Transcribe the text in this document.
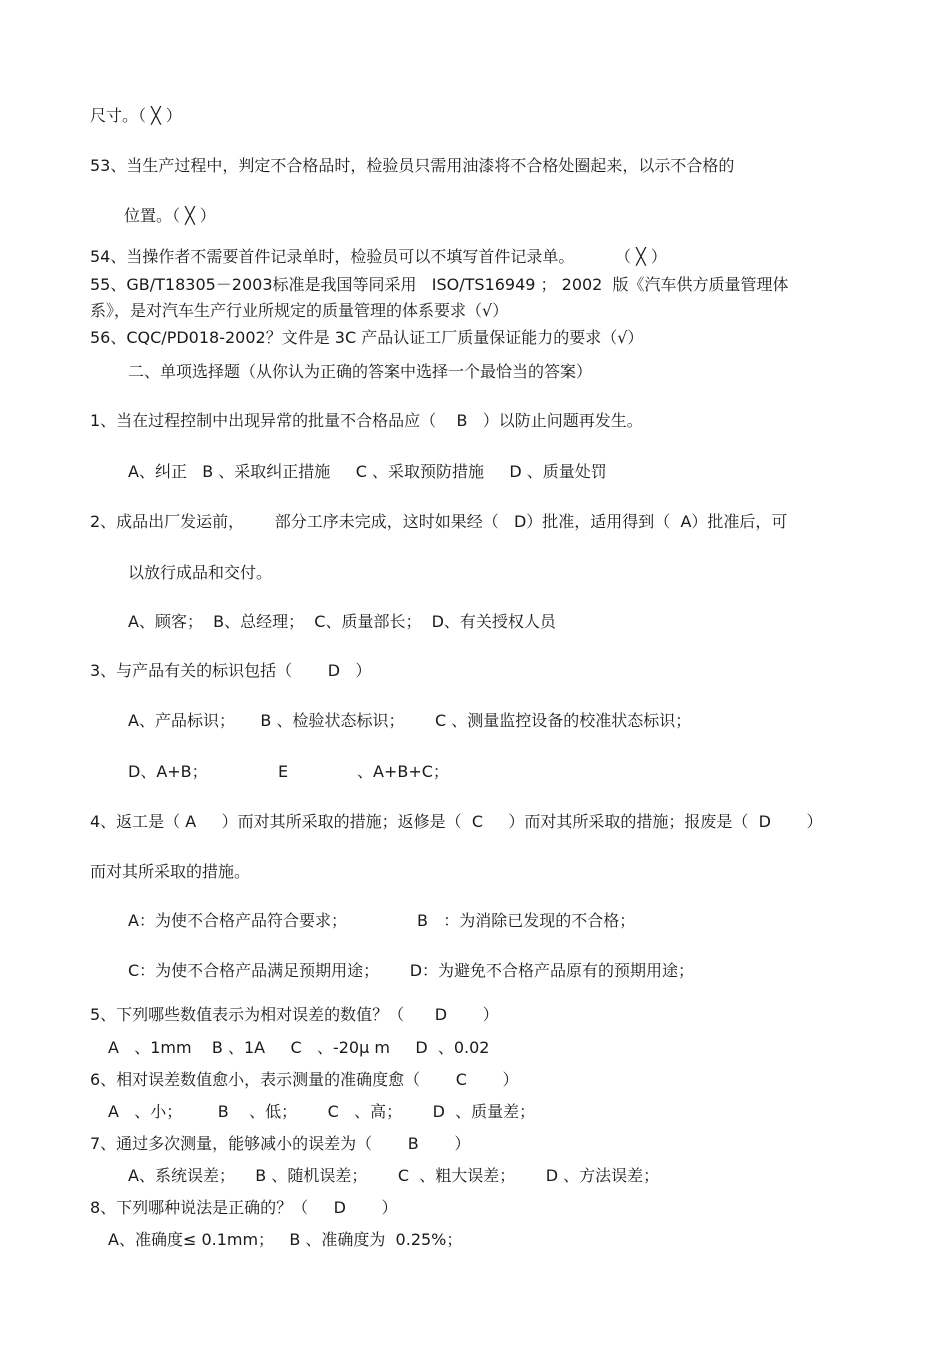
尺寸。（ ╳ ）
53、当生产过程中，判定不合格品时，检验员只需用油漆将不合格处圈起来，以示不合格的
位置。（ ╳ ）
54、当操作者不需要首件记录单时，检验员可以不填写首件记录单。        （ ╳ ）
55、GB/T18305－2003标准是我国等同采用   ISO/TS16949 ； 2002  版《汽车供方质量管理体
系》，是对汽车生产行业所规定的质量管理的体系要求（√）
56、CQC/PD018-2002？文件是 3C 产品认证工厂质量保证能力的要求（√）
二、单项选择题（从你认为正确的答案中选择一个最恰当的答案）
1、当在过程控制中出现异常的批量不合格品应（    B   ）以防止问题再发生。
A、纠正   B 、采取纠正措施     C 、采取预防措施     D 、质量处罚
2、成品出厂发运前，      部分工序未完成，这时如果经（   D）批准，适用得到（  A）批准后，可
以放行成品和交付。
A、顾客；  B、总经理；  C、质量部长；  D、有关授权人员
3、与产品有关的标识包括（       D   ）
A、产品标识；     B 、检验状态标识；      C 、测量监控设备的校准状态标识；
D、A+B；	E	、A+B+C；
4、返工是（ A     ）而对其所采取的措施；返修是（  C     ）而对其所采取的措施；报废是（  D       ）
而对其所采取的措施。
A：为使不合格产品符合要求；	B   ：为消除已发现的不合格；
C：为使不合格产品满足预期用途；      D：为避免不合格产品原有的预期用途；
5、下列哪些数值表示为相对误差的数值？（      D       ）
A   、1mm    B 、1A     C   、-20μ m     D  、0.02
6、相对误差数值愈小，表示测量的准确度愈（       C       ）
A   、小；       B    、低；      C   、高；      D  、质量差；
7、通过多次测量，能够减小的误差为（       B       ）
A、系统误差；    B 、随机误差；      C  、粗大误差；      D 、方法误差；
8、下列哪种说法是正确的？（     D       ）
A、准确度≤ 0.1mm；   B 、准确度为  0.25%；
